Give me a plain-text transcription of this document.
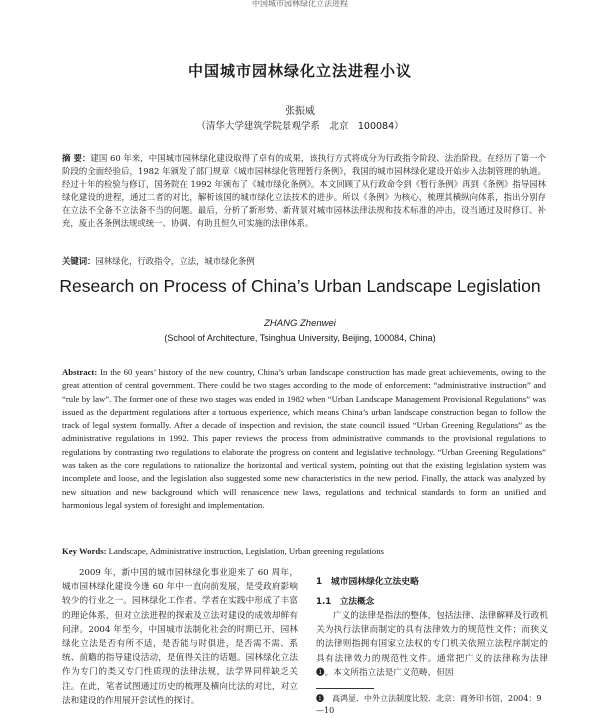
中国城市园林绿化立法进程
中国城市园林绿化立法进程小议
张振威
（清华大学建筑学院景观学系　北京　100084）
摘 要：建国 60 年来，中国城市园林绿化建设取得了卓有的成果，该执行方式将成分为行政指令阶段、法治阶段。在经历了第一个阶段的全面经验后，1982 年颁发了部门规章《城市园林绿化管理暂行条例》，我国的城市园林绿化建设开始步入法制管理的轨道。经过十年的检验与修订，国务院在 1992 年颁布了《城市绿化条例》。本文回顾了从行政命令到《暂行条例》再到《条例》指导园林绿化建设的进程，通过二者的对比，解析该国的城市绿化立法技术的进步。所以《条例》为核心，梳理其横纵向体系，指出分别存在立法不全备不立法备不当的问题。最后，分析了新形势、新背景对城市园林法律法规和技术标准的冲击，设当通过及时修订、补充，废止各条例法规或统一、协调、有助且恒久可实施的法律体系。
关键词：园林绿化，行政指令，立法，城市绿化条例
Research on Process of China’s Urban Landscape Legislation
ZHANG Zhenwei
(School of Architecture, Tsinghua University, Beijing, 100084, China)
Abstract: In the 60 years’ history of the new country, China’s urban landscape construction has made great achievements, owing to the great attention of central government. There could be two stages according to the mode of enforcement: “administrative instruction” and “rule by law”. The former one of these two stages was ended in 1982 when “Urban Landscape Management Provisional Regulations” was issued as the department regulations after a tortuous experience, which means China’s urban landscape construction began to follow the track of legal system formally. After a decade of inspection and revision, the state council issued “Urban Greening Regulations” as the administrative regulations in 1992. This paper reviews the process from administrative commands to the provisional regulations to regulations by contrasting two regulations to elaborate the progress on content and legislative technology. “Urban Greening Regulations” was taken as the core regulations to rationalize the horizontal and vertical system, pointing out that the existing legislation system was incomplete and loose, and the legislation also suggested some new characteristics in the new period. Finally, the attack was analyzed by new situation and new background which will renascence new laws, regulations and technical standards to form an unified and harmonious legal system of foresight and implementation.
Key Words: Landscape, Administrative instruction, Legislation, Urban greening regulations
2009 年，新中国的城市园林绿化事业迎来了 60 周年，城市园林绿化建设今逢 60 年中一直向前发展，是受政府影响较少的行业之一。园林绿化工作者、学者在实践中形成了丰富的理论体系，但对立法进程的探索及立法对建设的成效却鲜有问津。2004 年至今，中国城市法制化社会的时期已开，园林绿化立法是否有所不适，是否能与时俱进，是否需不需、系统、前瞻的指导建设活动，是值得关注的话题。园林绿化立法作为专门的类又专门性质现的法律法规，法学界同样缺乏关注。在此，笔者试图通过历史的梳理及横向比法的对比，对立法和建设的作用展开尝试性的探讨。
1　城市园林绿化立法史略
1.1　立法概念

广义的法律是指法的整体，包括法律、法律解释及行政机关为执行法律而制定的具有法律效力的规范性文件；而狭义的法律则指拥有国家立法权的专门机关依照立法程序制定的具有法律效力的规范性文件。通常把广义的法律称为法律❶。本文所指立法是广义范畴，但因

❶　高鸿显．中外立法制度比较．北京：商务印书馆，2004：9—10
